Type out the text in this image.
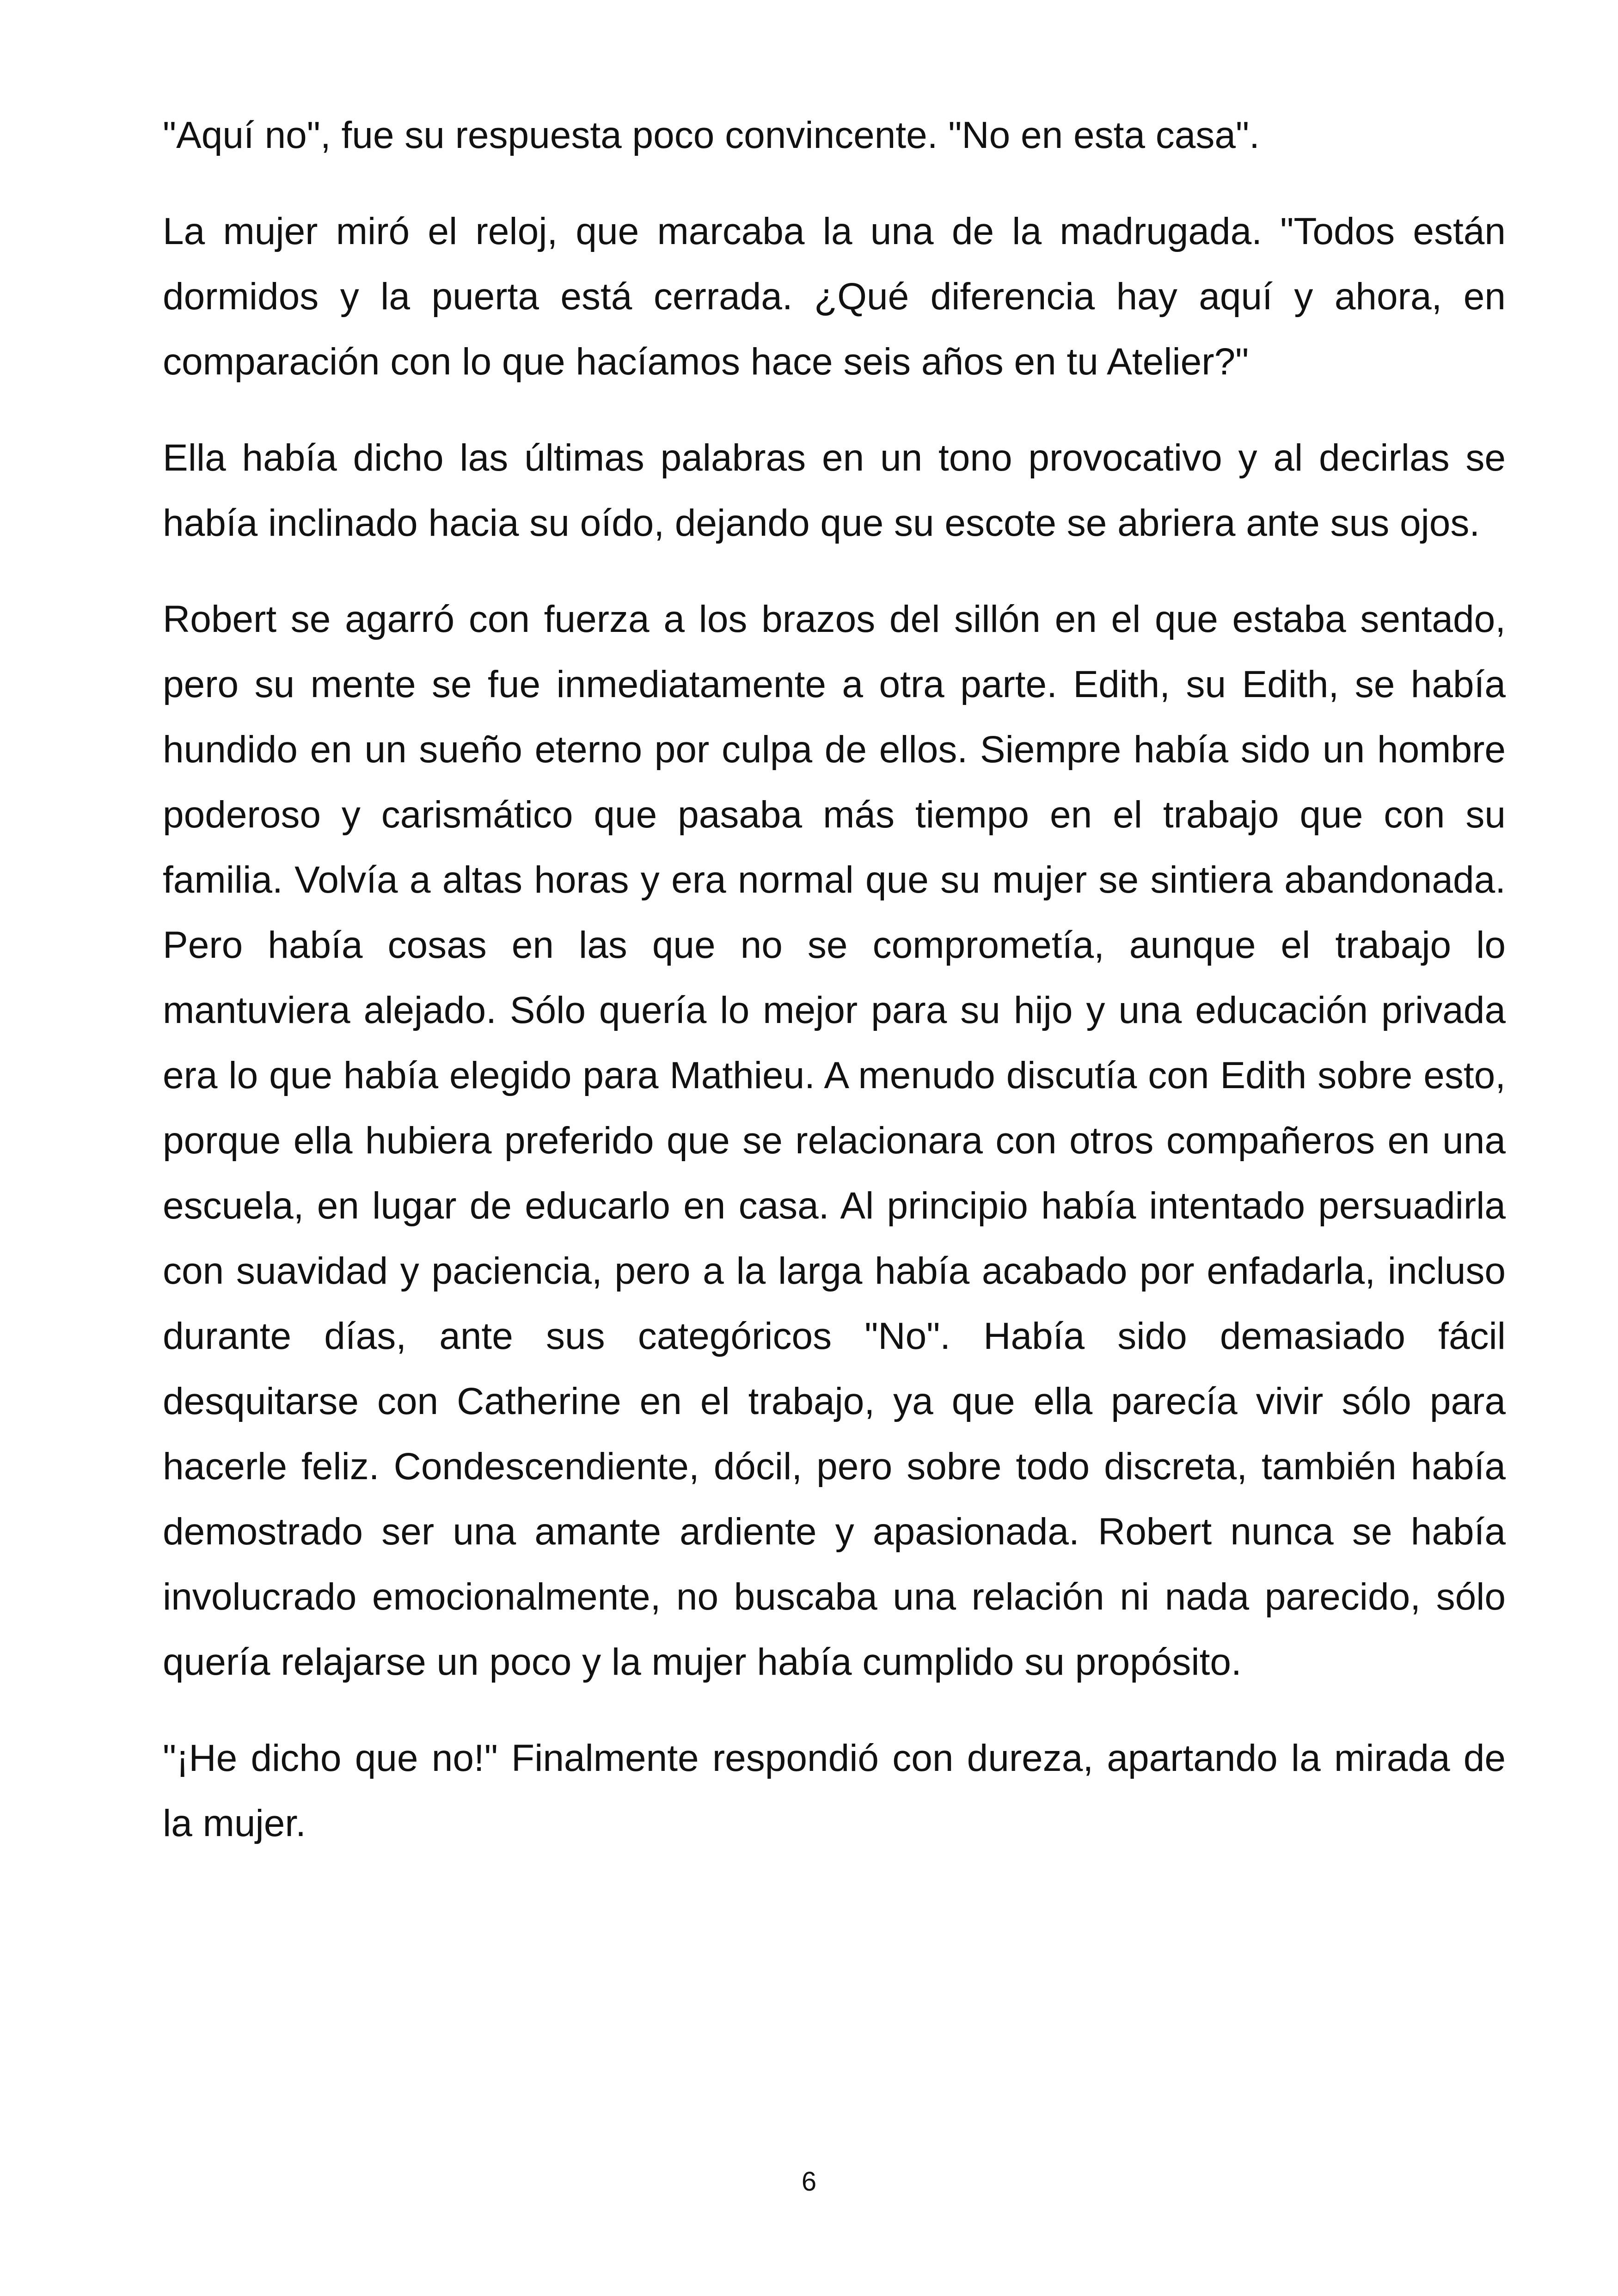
"Aquí no", fue su respuesta poco convincente. "No en esta casa".

La mujer miró el reloj, que marcaba la una de la madrugada. "Todos están dormidos y la puerta está cerrada. ¿Qué diferencia hay aquí y ahora, en comparación con lo que hacíamos hace seis años en tu Atelier?"

Ella había dicho las últimas palabras en un tono provocativo y al decirlas se había inclinado hacia su oído, dejando que su escote se abriera ante sus ojos.

Robert se agarró con fuerza a los brazos del sillón en el que estaba sentado, pero su mente se fue inmediatamente a otra parte. Edith, su Edith, se había hundido en un sueño eterno por culpa de ellos. Siempre había sido un hombre poderoso y carismático que pasaba más tiempo en el trabajo que con su familia. Volvía a altas horas y era normal que su mujer se sintiera abandonada. Pero había cosas en las que no se comprometía, aunque el trabajo lo mantuviera alejado. Sólo quería lo mejor para su hijo y una educación privada era lo que había elegido para Mathieu. A menudo discutía con Edith sobre esto, porque ella hubiera preferido que se relacionara con otros compañeros en una escuela, en lugar de educarlo en casa. Al principio había intentado persuadirla con suavidad y paciencia, pero a la larga había acabado por enfadarla, incluso durante días, ante sus categóricos "No". Había sido demasiado fácil desquitarse con Catherine en el trabajo, ya que ella parecía vivir sólo para hacerle feliz. Condescendiente, dócil, pero sobre todo discreta, también había demostrado ser una amante ardiente y apasionada. Robert nunca se había involucrado emocionalmente, no buscaba una relación ni nada parecido, sólo quería relajarse un poco y la mujer había cumplido su propósito.

"¡He dicho que no!" Finalmente respondió con dureza, apartando la mirada de la mujer.

6
